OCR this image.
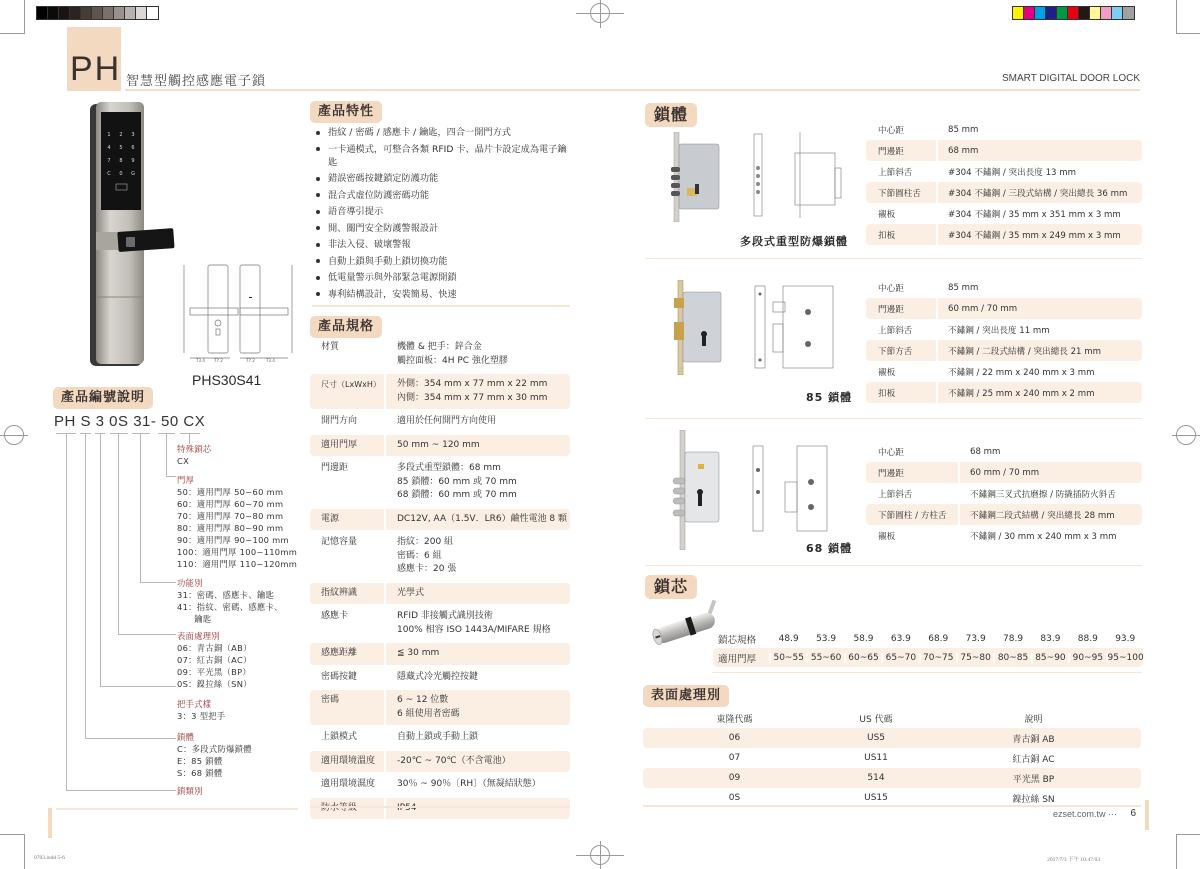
PH 智慧型觸控感應電子鎖	SMART DIGITAL DOOR LOCK
1 2 3
4 5 6
7 8 9
C 0 G
73.4 77.2	77.2	73.4
PHS30S41
產品編號說明
PH S 3 0S 31- 50 CX
特殊鎖芯
CX
門厚
50：適用門厚 50~60 mm
60：適用門厚 60~70 mm
70：適用門厚 70~80 mm
80：適用門厚 80~90 mm
90：適用門厚 90~100 mm
100：適用門厚 100~110mm
110：適用門厚 110~120mm
功能別
31：密碼、感應卡、鑰匙
41：指紋、密碼、感應卡、
　　鑰匙
表面處理別
06：青古銅（AB）
07：紅古銅（AC）
09：平光黑（BP）
0S：鎳拉絲（SN）
把手式樣
3：3 型把手
鎖體
C：多段式防爆鎖體
E：85 鎖體
S：68 鎖體
鎖類別
產品特性
指紋 / 密碼 / 感應卡 / 鑰匙，四合一開門方式
一卡通模式，可整合各類 RFID 卡、晶片卡設定成為電子鑰匙
錯誤密碼按鍵鎖定防護功能
混合式虛位防護密碼功能
語音導引提示
開、關門安全防護警報設計
非法入侵、破壞警報
自動上鎖與手動上鎖切換功能
低電量警示與外部緊急電源開鎖
專利結構設計，安裝簡易、快速
產品規格
材質	機體 & 把手：鋅合金
觸控面板：4H PC 強化塑膠
尺寸（LxWxH）	外側：354 mm x 77 mm x 22 mm
內側：354 mm x 77 mm x 30 mm
開門方向	適用於任何開門方向使用
適用門厚	50 mm ~ 120 mm
門邊距	多段式重型鎖體：68 mm
85 鎖體：60 mm 或 70 mm
68 鎖體：60 mm 或 70 mm
電源	DC12V, AA（1.5V．LR6）鹼性電池 8 顆
記憶容量	指紋：200 組
密碼：6 組
感應卡：20 張
指紋辨識	光學式
感應卡	RFID 非接觸式識別技術
100% 相容 ISO 1443A/MIFARE 規格
感應距離	≦ 30 mm
密碼按鍵	隱藏式冷光觸控按鍵
密碼	6 ~ 12 位數
6 組使用者密碼
上鎖模式	自動上鎖或手動上鎖
適用環境溫度	-20℃ ~ 70℃（不含電池）
適用環境濕度	30％ ~ 90％〔RH〕（無凝結狀態）
鎖體
多段式重型防爆鎖體
中心距	85 mm
門邊距	68 mm
上節斜舌	#304 不鏽鋼 / 突出長度 13 mm
下節圓柱舌	#304 不鏽鋼 / 三段式結構 / 突出總長 36 mm
襯板	#304 不鏽鋼 / 35 mm x 351 mm x 3 mm
扣板	#304 不鏽鋼 / 35 mm x 249 mm x 3 mm
85 鎖體
中心距	85 mm
門邊距	60 mm / 70 mm
上節斜舌	不鏽鋼 / 突出長度 11 mm
下節方舌	不鏽鋼 / 二段式結構 / 突出總長 21 mm
襯板	不鏽鋼 / 22 mm x 240 mm x 3 mm
扣板	不鏽鋼 / 25 mm x 240 mm x 2 mm
68 鎖體
中心距	68 mm
門邊距	60 mm / 70 mm
上節斜舌	不鏽鋼三叉式抗磨擦 / 防撬插防火斜舌
下節圓柱 / 方柱舌	不鏽鋼二段式結構 / 突出總長 28 mm
襯板	不鏽鋼 / 30 mm x 240 mm x 3 mm
鎖芯
鎖芯規格	48.9	53.9	58.9	63.9	68.9	73.9	78.9	83.9	88.9	93.9
適用門厚	50~55 55~60 60~65 65~70 70~75 75~80 80~85 85~90 90~95 95~100
表面處理別
東隆代碼	US 代碼	說明
06	US5	青古銅 AB
07	US11	紅古銅 AC
09	514	平光黑 BP
0S	US15	鎳拉絲 SN
ezset.com.tw ··· 6
0703.indd 5-6	2017/7/3 下午 10:47:03
